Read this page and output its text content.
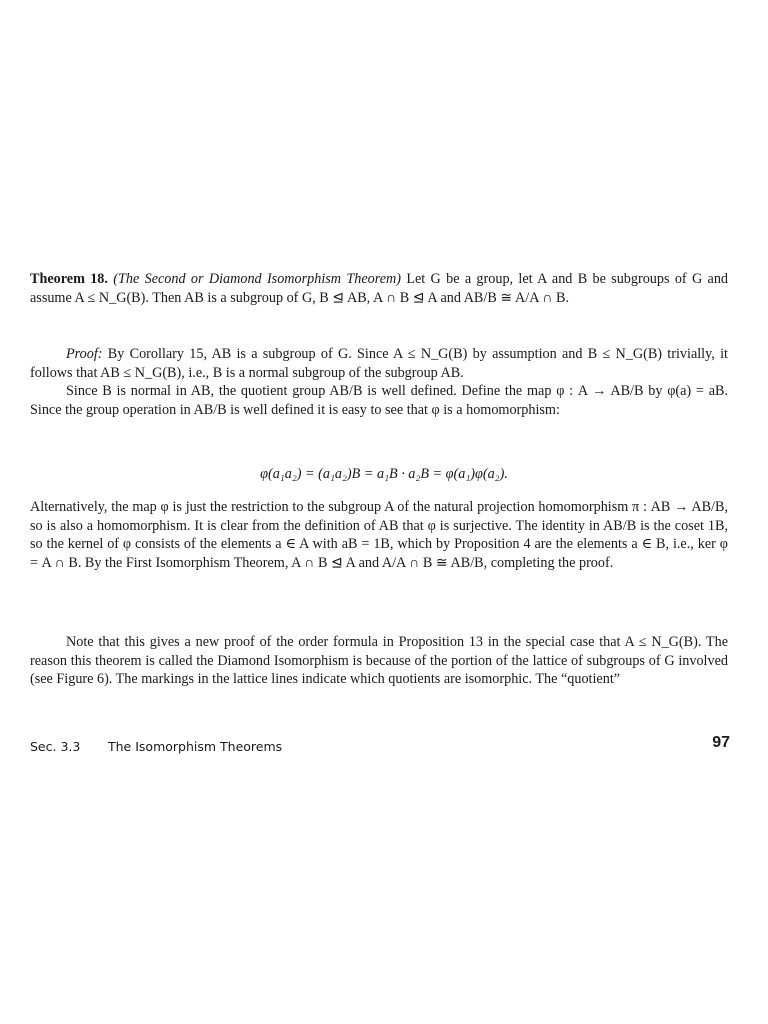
Theorem 18. (The Second or Diamond Isomorphism Theorem) Let G be a group, let A and B be subgroups of G and assume A ≤ N_G(B). Then AB is a subgroup of G, B ⊴ AB, A ∩ B ⊴ A and AB/B ≅ A/A ∩ B.

Proof: By Corollary 15, AB is a subgroup of G. Since A ≤ N_G(B) by assumption and B ≤ N_G(B) trivially, it follows that AB ≤ N_G(B), i.e., B is a normal subgroup of the subgroup AB.

Since B is normal in AB, the quotient group AB/B is well defined. Define the map φ : A → AB/B by φ(a) = aB. Since the group operation in AB/B is well defined it is easy to see that φ is a homomorphism:

φ(a₁a₂) = (a₁a₂)B = a₁B · a₂B = φ(a₁)φ(a₂).

Alternatively, the map φ is just the restriction to the subgroup A of the natural projection homomorphism π : AB → AB/B, so is also a homomorphism. It is clear from the definition of AB that φ is surjective. The identity in AB/B is the coset 1B, so the kernel of φ consists of the elements a ∈ A with aB = 1B, which by Proposition 4 are the elements a ∈ B, i.e., ker φ = A ∩ B. By the First Isomorphism Theorem, A ∩ B ⊴ A and A/A ∩ B ≅ AB/B, completing the proof.

Note that this gives a new proof of the order formula in Proposition 13 in the special case that A ≤ N_G(B). The reason this theorem is called the Diamond Isomorphism is because of the portion of the lattice of subgroups of G involved (see Figure 6). The markings in the lattice lines indicate which quotients are isomorphic. The “quotient”

Sec. 3.3 The Isomorphism Theorems	97
